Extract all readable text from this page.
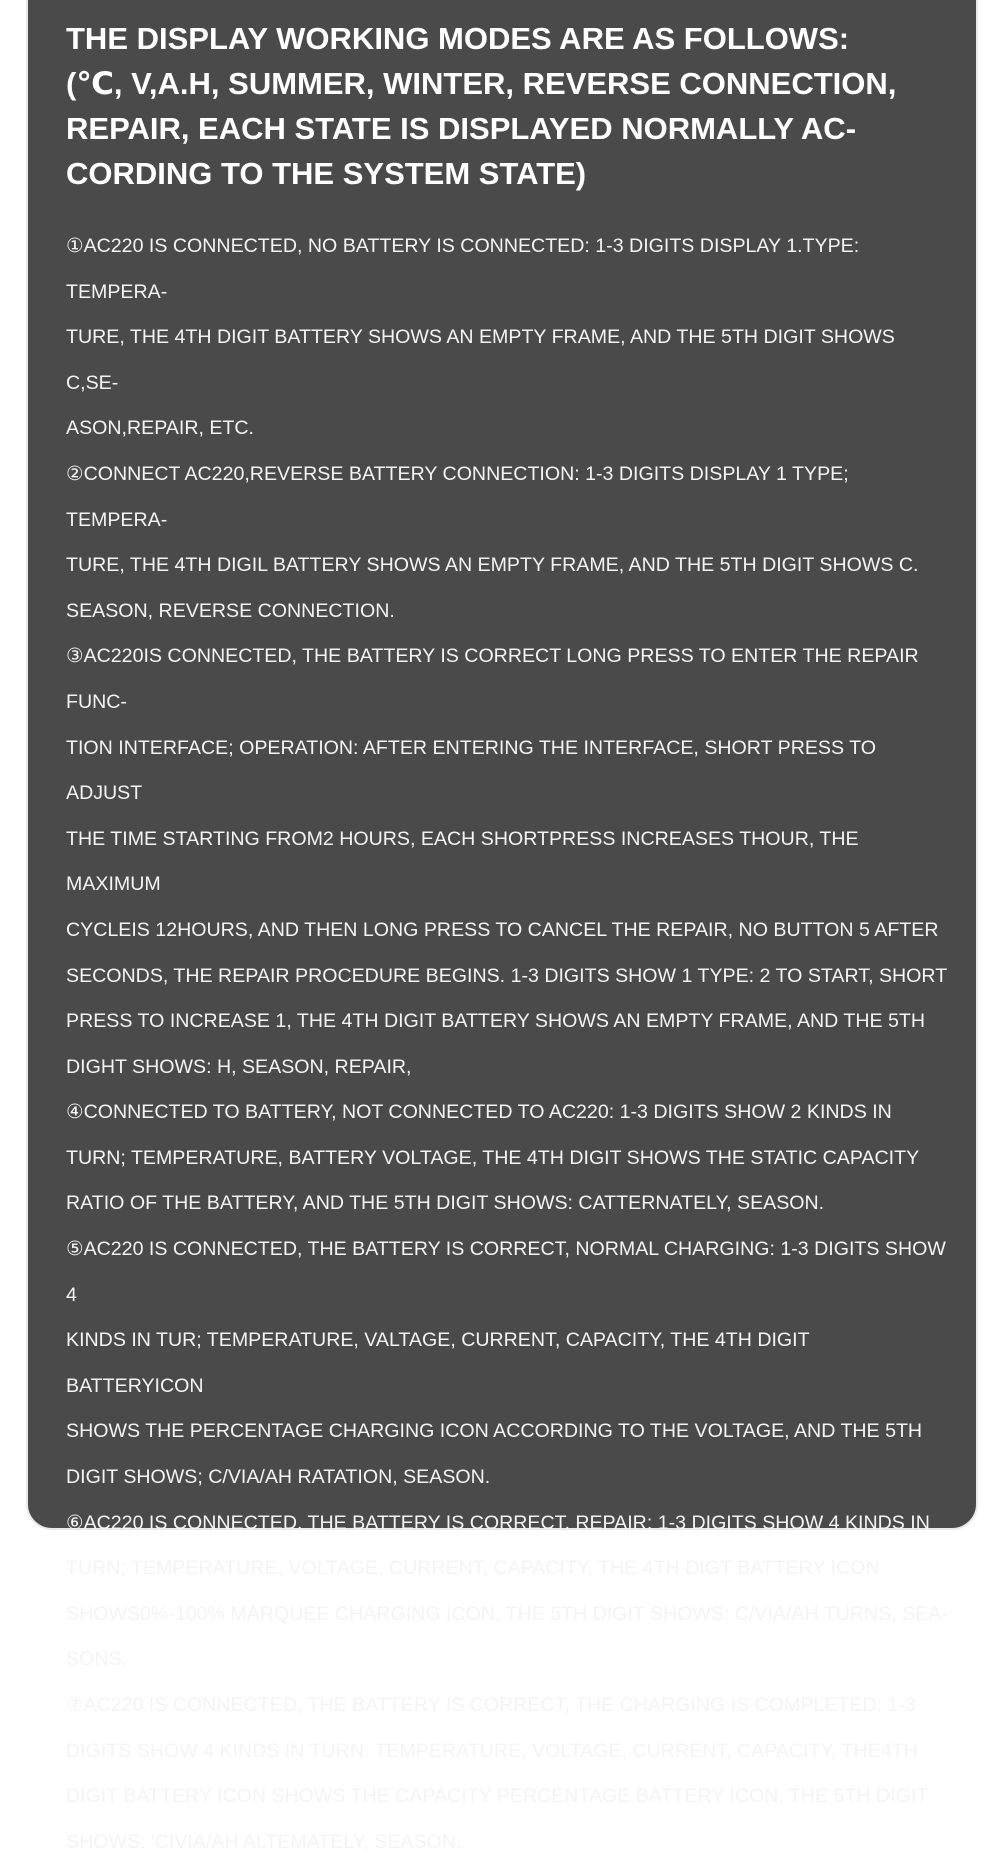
THE DISPLAY WORKING MODES ARE AS FOLLOWS:
(℃, V,A.H, SUMMER, WINTER, REVERSE CONNECTION,
REPAIR, EACH STATE IS DISPLAYED NORMALLY AC-
CORDING TO THE SYSTEM STATE)

①AC220 IS CONNECTED, NO BATTERY IS CONNECTED: 1-3 DIGITS DISPLAY 1.TYPE: TEMPERA-
TURE, THE 4TH DIGIT BATTERY SHOWS AN EMPTY FRAME, AND THE 5TH DIGIT SHOWS C,SE-
ASON,REPAIR, ETC.

②CONNECT AC220,REVERSE BATTERY CONNECTION: 1-3 DIGITS DISPLAY 1 TYPE; TEMPERA-
TURE, THE 4TH DIGIL BATTERY SHOWS AN EMPTY FRAME, AND THE 5TH DIGIT SHOWS C.
SEASON, REVERSE CONNECTION.

③AC220IS CONNECTED, THE BATTERY IS CORRECT LONG PRESS TO ENTER THE REPAIR FUNC-
TION INTERFACE; OPERATION: AFTER ENTERING THE INTERFACE, SHORT PRESS TO ADJUST
THE TIME STARTING FROM2 HOURS, EACH SHORTPRESS INCREASES THOUR, THE MAXIMUM
CYCLEIS 12HOURS, AND THEN LONG PRESS TO CANCEL THE REPAIR, NO BUTTON 5 AFTER
SECONDS, THE REPAIR PROCEDURE BEGINS. 1-3 DIGITS SHOW 1 TYPE: 2 TO START, SHORT
PRESS TO INCREASE 1, THE 4TH DIGIT BATTERY SHOWS AN EMPTY FRAME, AND THE 5TH
DIGHT SHOWS: H, SEASON, REPAIR,

④CONNECTED TO BATTERY, NOT CONNECTED TO AC220: 1-3 DIGITS SHOW 2 KINDS IN
TURN; TEMPERATURE, BATTERY VOLTAGE, THE 4TH DIGIT SHOWS THE STATIC CAPACITY
RATIO OF THE BATTERY, AND THE 5TH DIGIT SHOWS: CATTERNATELY, SEASON.

⑤AC220 IS CONNECTED, THE BATTERY IS CORRECT, NORMAL CHARGING: 1-3 DIGITS SHOW 4
KINDS IN TUR; TEMPERATURE, VALTAGE, CURRENT, CAPACITY, THE 4TH DIGIT BATTERYICON
SHOWS THE PERCENTAGE CHARGING ICON ACCORDING TO THE VOLTAGE, AND THE 5TH
DIGIT SHOWS; C/VIA/AH RATATION, SEASON.

⑥AC220 IS CONNECTED, THE BATTERY IS CORRECT, REPAIR: 1-3 DIGITS SHOW 4 KINDS IN
TURN; TEMPERATURE, VOLTAGE, CURRENT, CAPACITY, THE 4TH DIGT BATTERY ICON
SHOWS0%-100% MARQUEE CHARGING ICON, THE 5TH DIGIT SHOWS: C/VIA/AH TURNS, SEA-
SONS.

⑦AC220 IS CONNECTED, THE BATTERY IS CORRECT, THE CHARGING IS COMPLETED: 1-3
DIGITS SHOW 4 KINDS IN TURN: TEMPERATURE, VOLTAGE, CURRENT, CAPACITY, THE4TH
DIGIT BATTERY ICON SHOWS THE CAPACITY PERCENTAGE BATTERY ICON, THE 5TH DIGIT
SHOWS: 'CIVIA/AH ALTEMATELY, SEASON.
